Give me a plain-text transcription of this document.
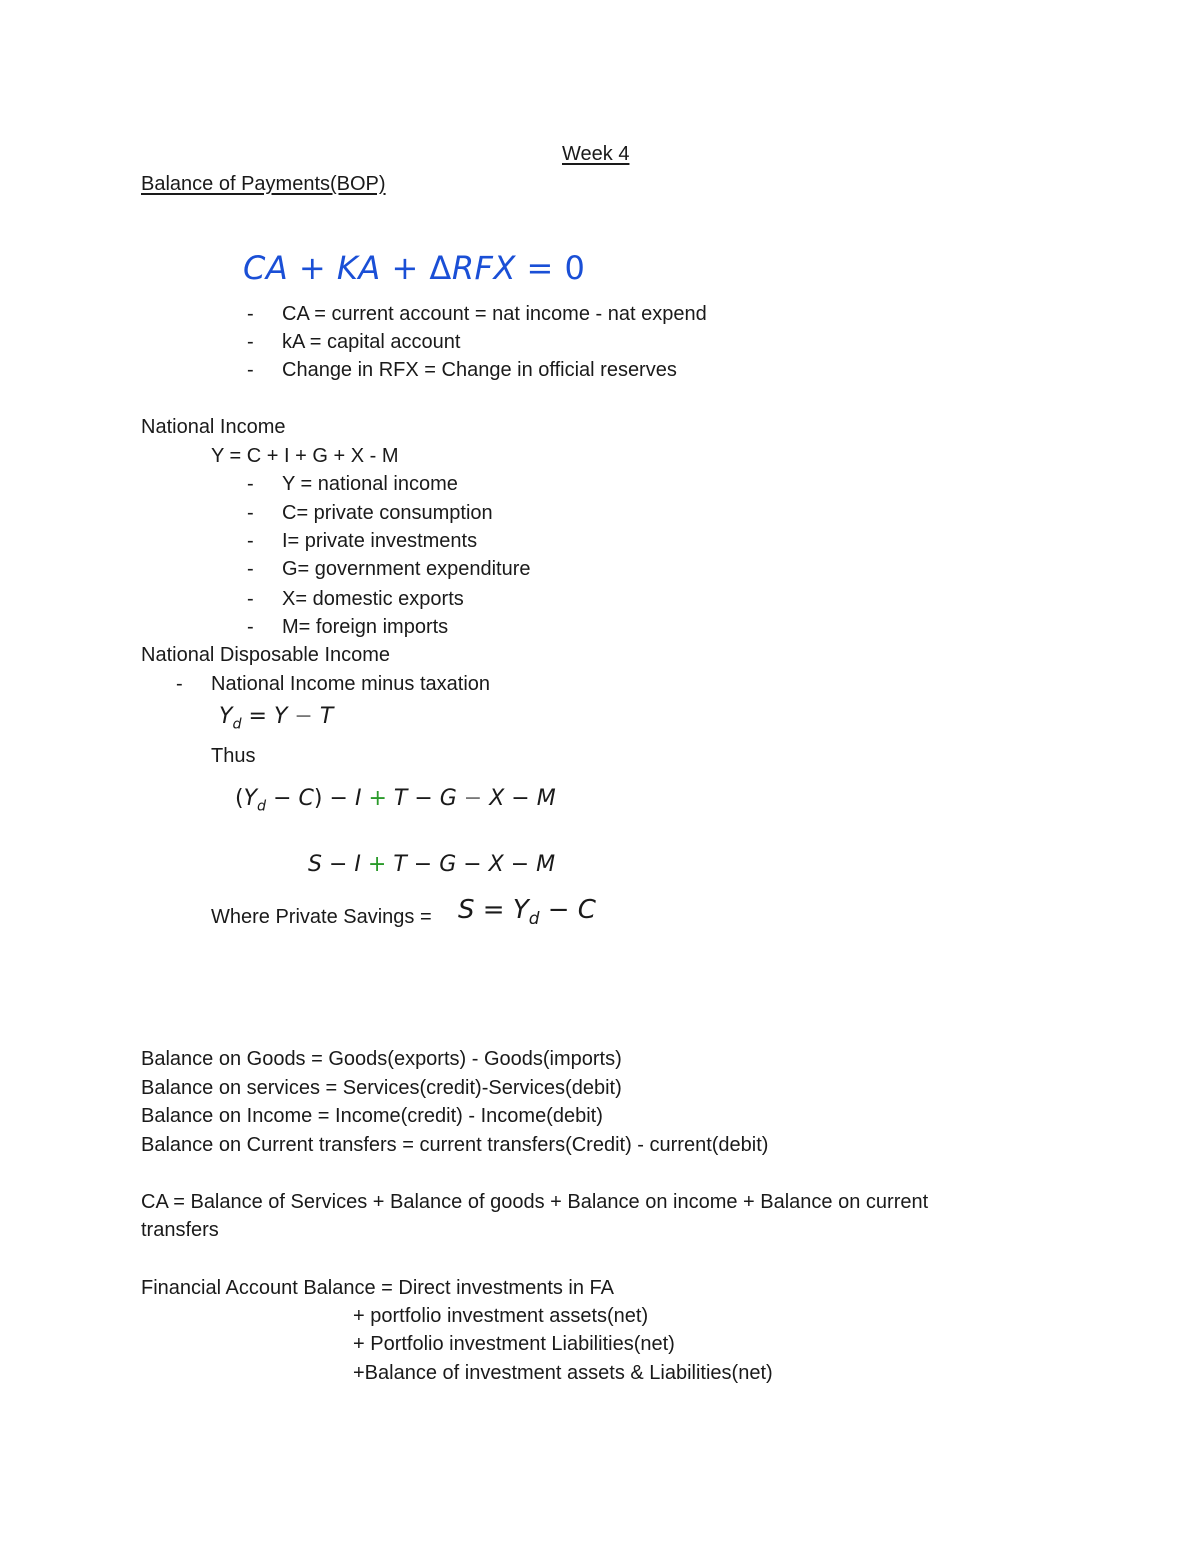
Week 4
Balance of Payments(BOP)
CA + KA + ΔRFX = 0
- CA = current account = nat income - nat expend
- kA = capital account
- Change in RFX = Change in official reserves
National Income
Y = C + I + G + X - M
- Y = national income
- C= private consumption
- I= private investments
- G= government expenditure
- X= domestic exports
- M= foreign imports
National Disposable Income
- National Income minus taxation
$Y_d = Y - T$
Thus
$(Y_d - C) - I + T - G - X - M$
S − I + T − G − X − M
Where Private Savings = $S = Y_d - C$
Balance on Goods = Goods(exports) - Goods(imports)
Balance on services = Services(credit)-Services(debit)
Balance on Income = Income(credit) - Income(debit)
Balance on Current transfers = current transfers(Credit) - current(debit)
CA = Balance of Services + Balance of goods + Balance on income + Balance on current
transfers
Financial Account Balance = Direct investments in FA
+ portfolio investment assets(net)
+ Portfolio investment Liabilities(net)
+Balance of investment assets & Liabilities(net)
